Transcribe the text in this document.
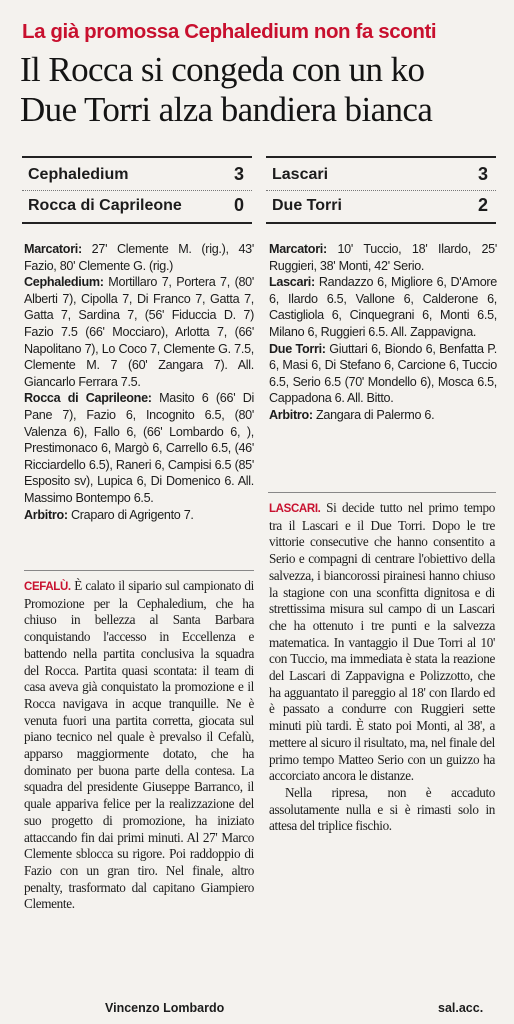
La già promossa Cephaledium non fa sconti
Il Rocca si congeda con un ko
Due Torri alza bandiera bianca
Cephaledium	3
Rocca di Caprileone	0
Lascari	3
Due Torri	2

Marcatori: 27' Clemente M. (rig.), 43' Fazio, 80' Clemente G. (rig.)

Cephaledium: Mortillaro 7, Portera 7, (80' Alberti 7), Cipolla 7, Di Franco 7, Gatta 7, Gatta 7, Sardina 7, (56' Fiduccia D. 7) Fazio 7.5 (66' Mocciaro), Arlotta 7, (66' Napolitano 7), Lo Coco 7, Clemente G. 7.5, Clemente M. 7 (60' Zangara 7). All. Giancarlo Ferrara 7.5.

Rocca di Caprileone: Masito 6 (66' Di Pane 7), Fazio 6, Incognito 6.5, (80' Valenza 6), Fallo 6, (66' Lombardo 6, ), Prestimonaco 6, Margò 6, Carrello 6.5, (46' Ricciardello 6.5), Raneri 6, Campisi 6.5 (85' Esposito sv), Lupica 6, Di Domenico 6. All. Massimo Bontempo 6.5.

Arbitro: Craparo di Agrigento 7.

Marcatori: 10' Tuccio, 18' Ilardo, 25' Ruggieri, 38' Monti, 42' Serio.

Lascari: Randazzo 6, Migliore 6, D'Amore 6, Ilardo 6.5, Vallone 6, Calderone 6, Castigliola 6, Cinquegrani 6, Monti 6.5, Milano 6, Ruggieri 6.5. All. Zappavigna.

Due Torri: Giuttari 6, Biondo 6, Benfatta P. 6, Masi 6, Di Stefano 6, Carcione 6, Tuccio 6.5, Serio 6.5 (70' Mondello 6), Mosca 6.5, Cappadona 6. All. Bitto.

Arbitro: Zangara di Palermo 6.

CEFALÙ. È calato il sipario sul campionato di Promozione per la Cephaledium, che ha chiuso in bellezza al Santa Barbara conquistando l'accesso in Eccellenza e battendo nella partita conclusiva la squadra del Rocca. Partita quasi scontata: il team di casa aveva già conquistato la promozione e il Rocca navigava in acque tranquille. Ne è venuta fuori una partita corretta, giocata sul piano tecnico nel quale è prevalso il Cefalù, apparso maggiormente dotato, che ha dominato per buona parte della contesa. La squadra del presidente Giuseppe Barranco, il quale appariva felice per la realizzazione del suo progetto di promozione, ha iniziato attaccando fin dai primi minuti. Al 27' Marco Clemente sblocca su rigore. Poi raddoppio di Fazio con un gran tiro. Nel finale, altro penalty, trasformato dal capitano Giampiero Clemente.

LASCARI. Si decide tutto nel primo tempo tra il Lascari e il Due Torri. Dopo le tre vittorie consecutive che hanno consentito a Serio e compagni di centrare l'obiettivo della salvezza, i biancorossi pirainesi hanno chiuso la stagione con una sconfitta dignitosa e di strettissima misura sul campo di un Lascari che ha ottenuto i tre punti e la salvezza matematica. In vantaggio il Due Torri al 10' con Tuccio, ma immediata è stata la reazione del Lascari di Zappavigna e Polizzotto, che ha agguantato il pareggio al 18' con Ilardo ed è passato a condurre con Ruggieri sette minuti più tardi. È stato poi Monti, al 38', a mettere al sicuro il risultato, ma, nel finale del primo tempo Matteo Serio con un guizzo ha accorciato ancora le distanze.

Nella ripresa, non è accaduto assolutamente nulla e si è rimasti solo in attesa del triplice fischio.

Vincenzo Lombardo	sal.acc.
